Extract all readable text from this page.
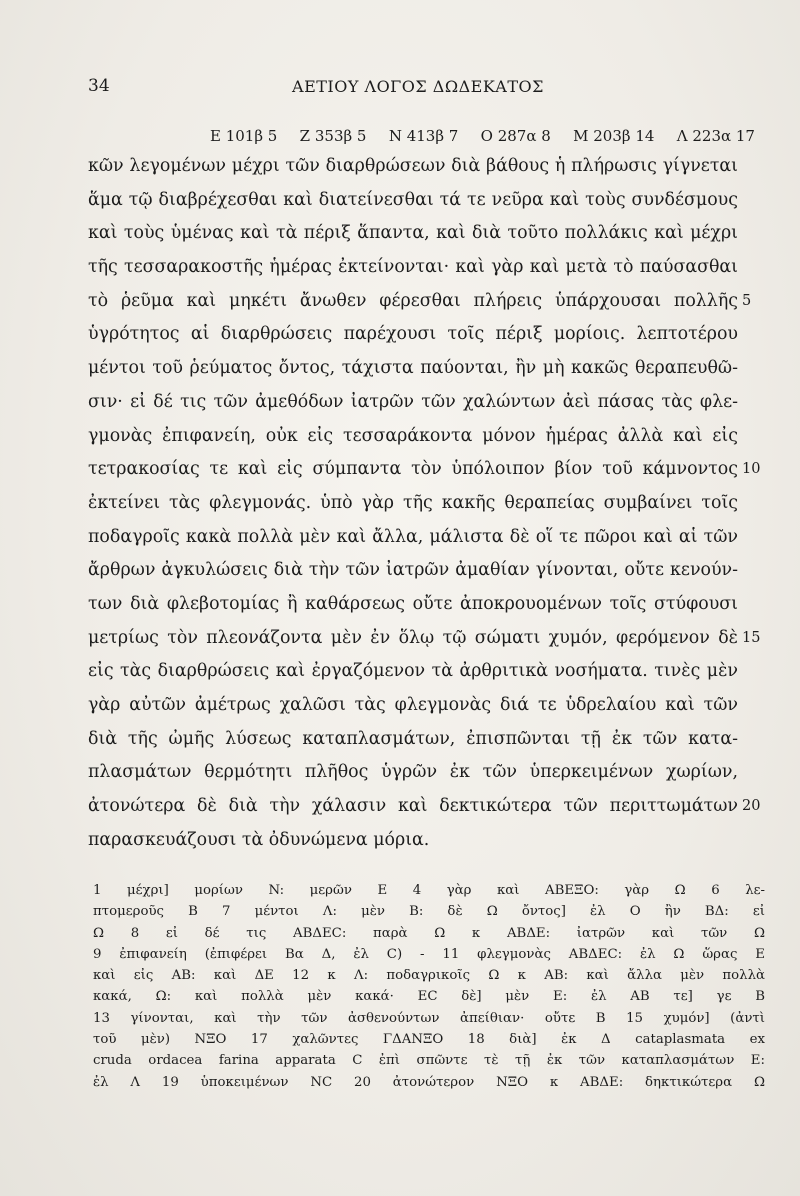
34	ΑΕΤΙΟΥ ΛΟΓΟΣ ΔΩΔΕΚΑΤΟΣ
E 101β 5 Z 353β 5 N 413β 7 O 287α 8 M 203β 14 Λ 223α 17
κῶν λεγομένων μέχρι τῶν διαρθρώσεων διὰ βάθους ἡ πλήρωσις γίγνεται
ἅμα τῷ διαβρέχεσθαι καὶ διατείνεσθαι τά τε νεῦρα καὶ τοὺς συνδέσμους
καὶ τοὺς ὑμένας καὶ τὰ πέριξ ἅπαντα, καὶ διὰ τοῦτο πολλάκις καὶ μέχρι
τῆς τεσσαρακοστῆς ἡμέρας ἐκτείνονται· καὶ γὰρ καὶ μετὰ τὸ παύσασθαι
τὸ ῥεῦμα καὶ μηκέτι ἄνωθεν φέρεσθαι πλήρεις ὑπάρχουσαι πολλῆς 5
ὑγρότητος αἱ διαρθρώσεις παρέχουσι τοῖς πέριξ μορίοις. λεπτοτέρου
μέντοι τοῦ ῥεύματος ὄντος, τάχιστα παύονται, ἢν μὴ κακῶς θεραπευθῶ-
σιν· εἰ δέ τις τῶν ἀμεθόδων ἰατρῶν τῶν χαλώντων ἀεὶ πάσας τὰς φλε-
γμονὰς ἐπιφανείη, οὐκ εἰς τεσσαράκοντα μόνον ἡμέρας ἀλλὰ καὶ εἰς
τετρακοσίας τε καὶ εἰς σύμπαντα τὸν ὑπόλοιπον βίον τοῦ κάμνοντος 10
ἐκτείνει τὰς φλεγμονάς. ὑπὸ γὰρ τῆς κακῆς θεραπείας συμβαίνει τοῖς
ποδαγροῖς κακὰ πολλὰ μὲν καὶ ἄλλα, μάλιστα δὲ οἵ τε πῶροι καὶ αἱ τῶν
ἄρθρων ἀγκυλώσεις διὰ τὴν τῶν ἰατρῶν ἀμαθίαν γίνονται, οὔτε κενούν-
των διὰ φλεβοτομίας ἢ καθάρσεως οὔτε ἀποκρουομένων τοῖς στύφουσι
μετρίως τὸν πλεονάζοντα μὲν ἐν ὅλῳ τῷ σώματι χυμόν, φερόμενον δὲ 15
εἰς τὰς διαρθρώσεις καὶ ἐργαζόμενον τὰ ἀρθριτικὰ νοσήματα. τινὲς μὲν
γὰρ αὐτῶν ἀμέτρως χαλῶσι τὰς φλεγμονὰς διά τε ὑδρελαίου καὶ τῶν
διὰ τῆς ὠμῆς λύσεως καταπλασμάτων, ἐπισπῶνται τῇ ἐκ τῶν κατα-
πλασμάτων θερμότητι πλῆθος ὑγρῶν ἐκ τῶν ὑπερκειμένων χωρίων,
ἀτονώτερα δὲ διὰ τὴν χάλασιν καὶ δεκτικώτερα τῶν περιττωμάτων 20
παρασκευάζουσι τὰ ὀδυνώμενα μόρια.
1 μέχρι] μορίων N: μερῶν E 4 γὰρ καὶ ΑΒΕΞΟ: γὰρ Ω 6 λε-
πτομεροῦς B 7 μέντοι Λ: μὲν B: δὲ Ω ὄντος] ἐλ O ἢν ΒΔ: εἰ
Ω 8 εἰ δέ τις ΑΒΔΕC: παρὰ Ω κ ΑΒΔΕ: ἰατρῶν καὶ τῶν Ω
9 ἐπιφανείη (ἐπιφέρει Bα Δ, ἐλ C) - 11 φλεγμονὰς ΑΒΔΕC: ἐλ Ω ὥρας E
καὶ εἰς ΑΒ: καὶ ΔΕ 12 κ Λ: ποδαγρικοῖς Ω κ ΑΒ: καὶ ἄλλα μὲν πολλὰ
κακά, Ω: καὶ πολλὰ μὲν κακά· EC δὲ] μὲν E: ἐλ ΑΒ τε] γε B
13 γίνονται, καὶ τὴν τῶν ἀσθενούντων ἀπείθιαν· οὔτε B 15 χυμόν] (ἀντὶ
τοῦ μὲν) ΝΞΟ 17 χαλῶντες ΓΔΑΝΞΟ 18 διὰ] ἐκ Δ cataplasmata ex
cruda ordacea farina apparata C ἐπὶ σπῶντε τὲ τῇ ἐκ τῶν καταπλασμάτων E:
ἐλ Λ 19 ὑποκειμένων NC 20 ἀτονώτερον ΝΞΟ κ ΑΒΔΕ: δηκτικώτερα Ω
